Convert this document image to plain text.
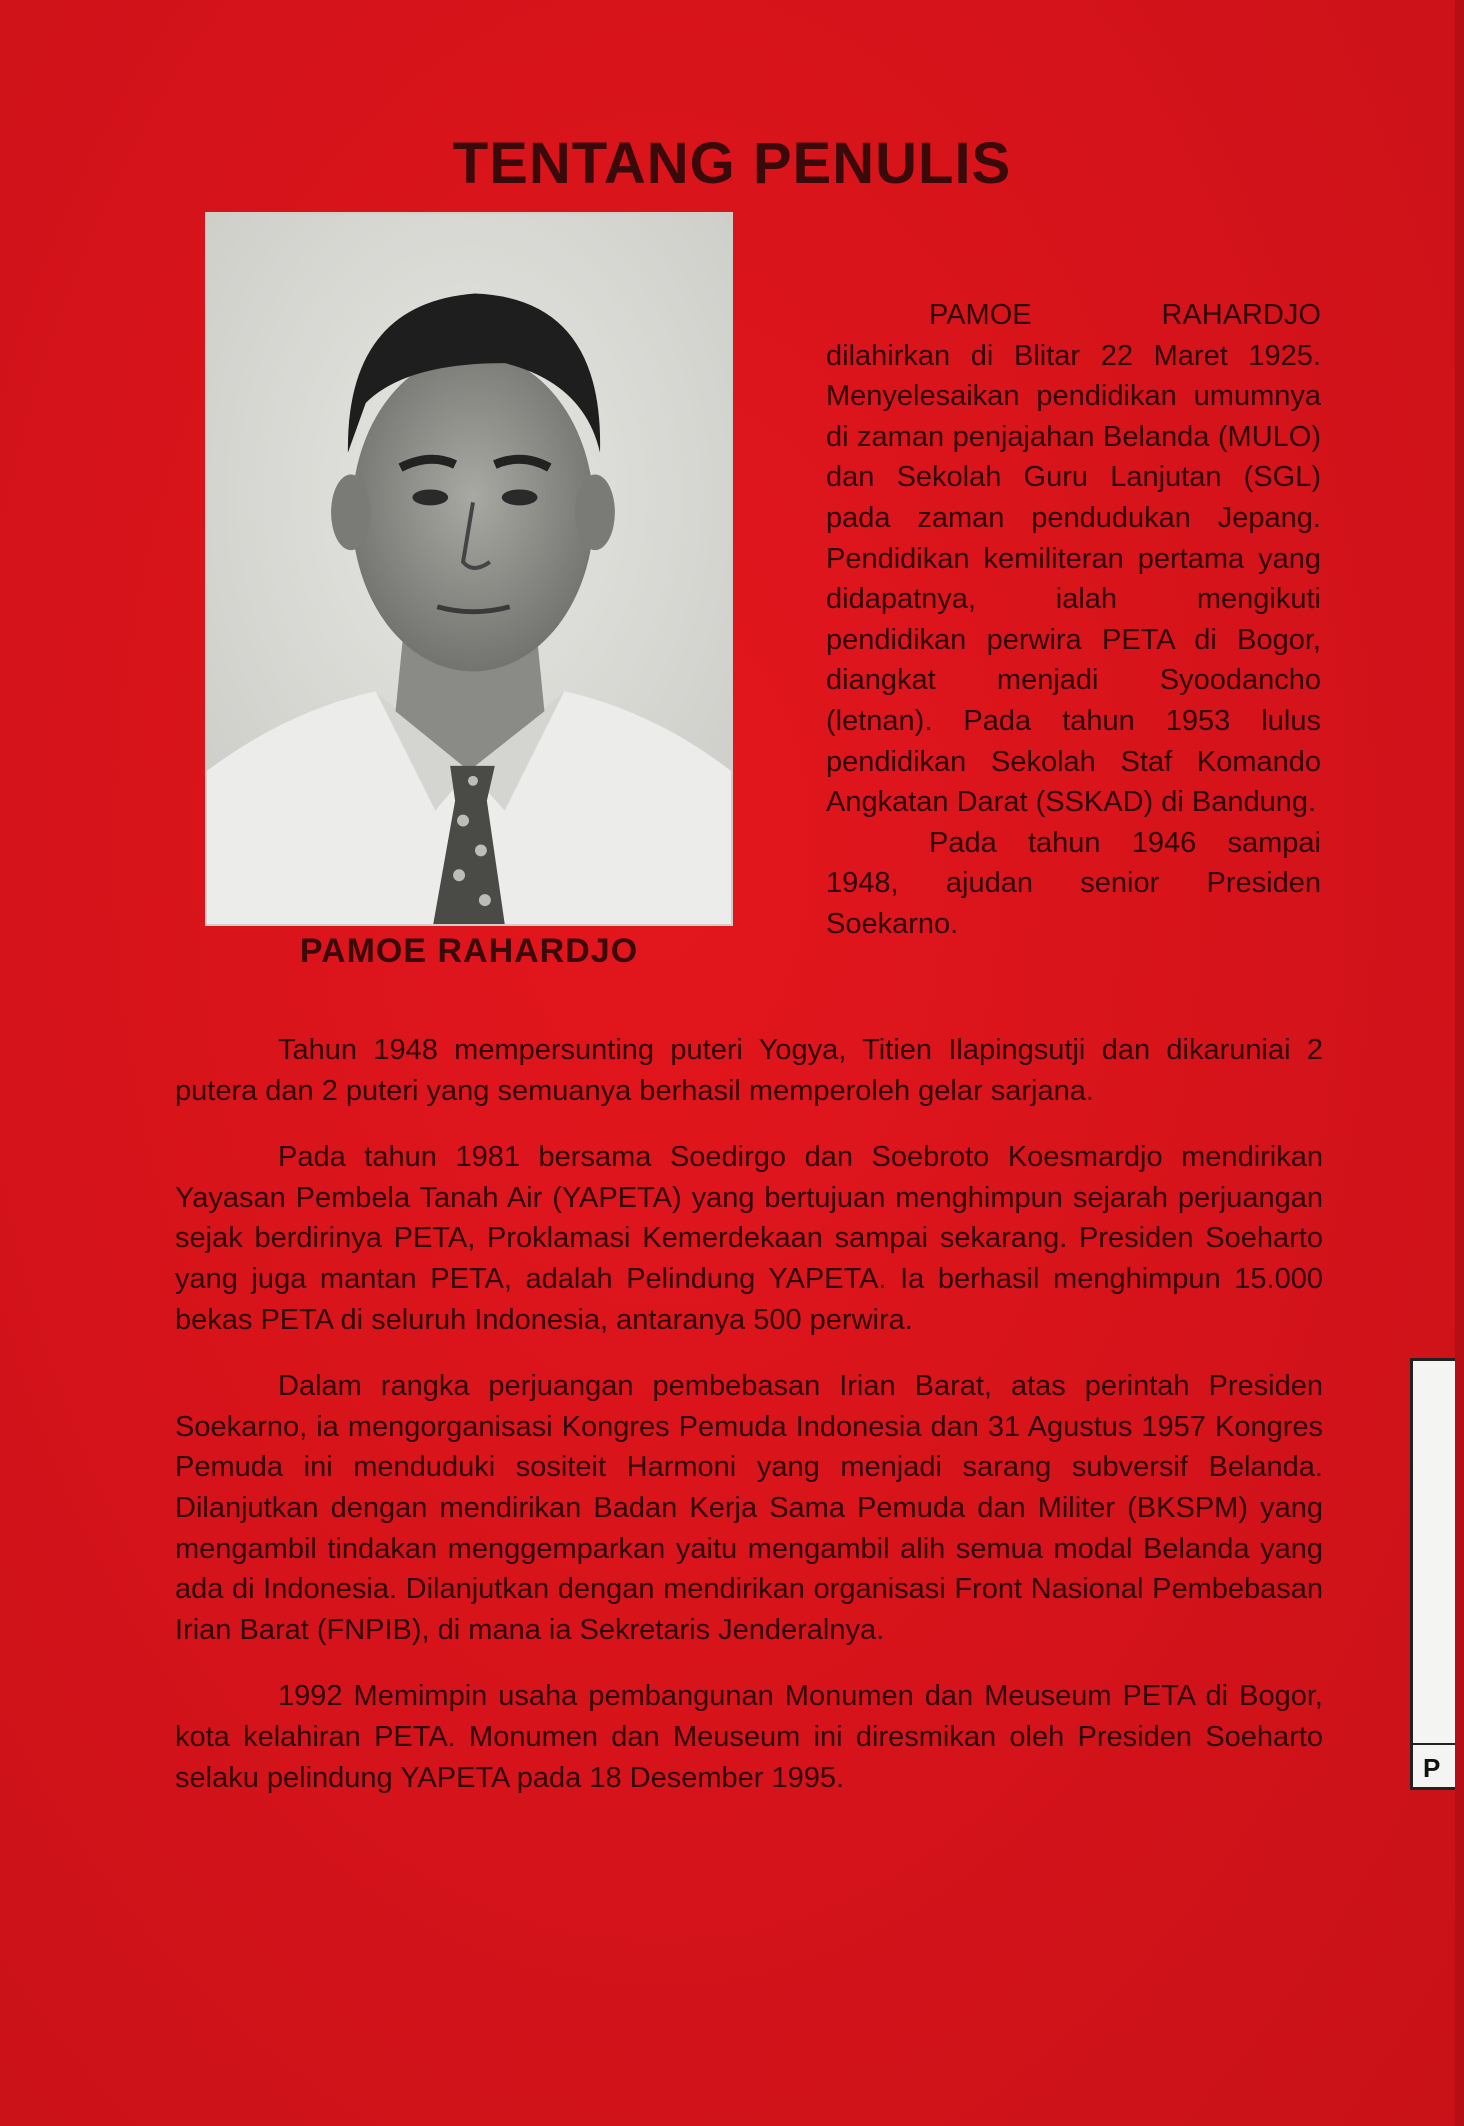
TENTANG PENULIS
PAMOE RAHARDJO

PAMOE RAHARDJO dilahirkan di Blitar 22 Maret 1925. Menyelesaikan pendidikan umumnya di zaman penjajahan Belanda (MULO) dan Sekolah Guru Lanjutan (SGL) pada zaman pendudukan Jepang. Pendidikan kemiliteran pertama yang didapatnya, ialah mengikuti pendidikan perwira PETA di Bogor, diangkat menjadi Syoodancho (letnan). Pada tahun 1953 lulus pendidikan Sekolah Staf Komando Angkatan Darat (SSKAD) di Bandung.

Pada tahun 1946 sampai 1948, ajudan senior Presiden Soekarno.

Tahun 1948 mempersunting puteri Yogya, Titien Ilapingsutji dan dikaruniai 2 putera dan 2 puteri yang semuanya berhasil memperoleh gelar sarjana.

Pada tahun 1981 bersama Soedirgo dan Soebroto Koesmardjo mendirikan Yayasan Pembela Tanah Air (YAPETA) yang bertujuan menghimpun sejarah perjuangan sejak berdirinya PETA, Proklamasi Kemerdekaan sampai sekarang. Presiden Soeharto yang juga mantan PETA, adalah Pelindung YAPETA. Ia berhasil menghimpun 15.000 bekas PETA di seluruh Indonesia, antaranya 500 perwira.

Dalam rangka perjuangan pembebasan Irian Barat, atas perintah Presiden Soekarno, ia mengorganisasi Kongres Pemuda Indonesia dan 31 Agustus 1957 Kongres Pemuda ini menduduki sositeit Harmoni yang menjadi sarang subversif Belanda. Dilanjutkan dengan mendirikan Badan Kerja Sama Pemuda dan Militer (BKSPM) yang mengambil tindakan menggemparkan yaitu mengambil alih semua modal Belanda yang ada di Indonesia. Dilanjutkan dengan mendirikan organisasi Front Nasional Pembebasan Irian Barat (FNPIB), di mana ia Sekretaris Jenderalnya.

1992 Memimpin usaha pembangunan Monumen dan Meuseum PETA di Bogor, kota kelahiran PETA. Monumen dan Meuseum ini diresmikan oleh Presiden Soeharto selaku pelindung YAPETA pada 18 Desember 1995.	P
